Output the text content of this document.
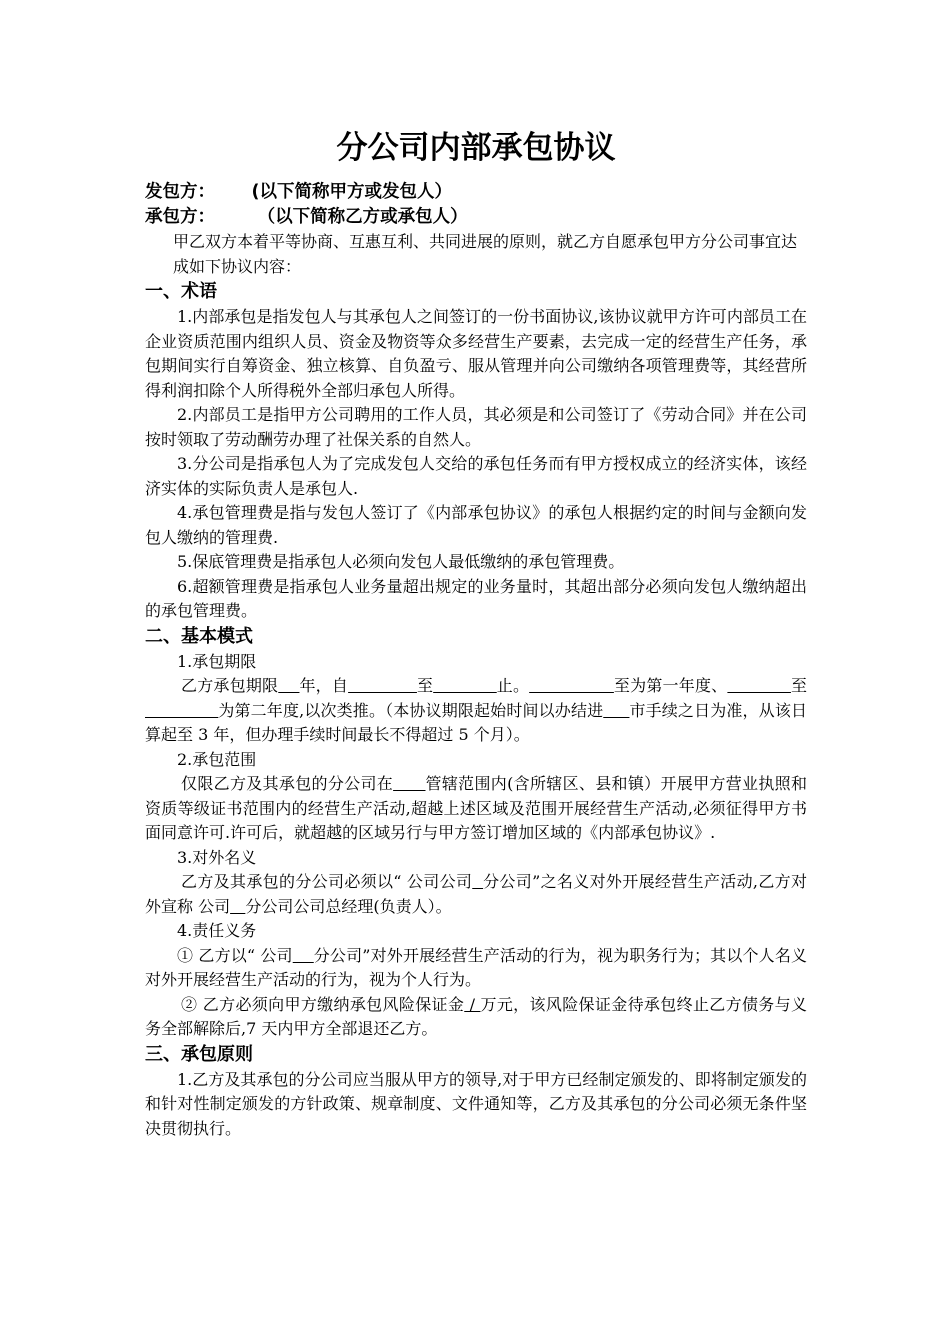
分公司内部承包协议
发包方：      (以下简称甲方或发包人）
承包方：       （以下简称乙方或承包人）
甲乙双方本着平等协商、互惠互利、共同进展的原则，就乙方自愿承包甲方分公司事宜达成如下协议内容：
一、术语
1.内部承包是指发包人与其承包人之间签订的一份书面协议,该协议就甲方许可内部员工在企业资质范围内组织人员、资金及物资等众多经营生产要素，去完成一定的经营生产任务，承包期间实行自筹资金、独立核算、自负盈亏、服从管理并向公司缴纳各项管理费等，其经营所得利润扣除个人所得税外全部归承包人所得。
2.内部员工是指甲方公司聘用的工作人员，其必须是和公司签订了《劳动合同》并在公司按时领取了劳动酬劳办理了社保关系的自然人。
3.分公司是指承包人为了完成发包人交给的承包任务而有甲方授权成立的经济实体，该经济实体的实际负责人是承包人.
4.承包管理费是指与发包人签订了《内部承包协议》的承包人根据约定的时间与金额向发包人缴纳的管理费.
5.保底管理费是指承包人必须向发包人最低缴纳的承包管理费。
6.超额管理费是指承包人业务量超出规定的业务量时，其超出部分必须向发包人缴纳超出的承包管理费。
二、基本模式
1.承包期限
乙方承包期限 年，自	至	止。	至为第一年度、	至              为第二年度,以次类推。（本协议期限起始时间以办结进 市手续之日为准，从该日算起至 3 年，但办理手续时间最长不得超过 5 个月）。
2.承包范围
仅限乙方及其承包的分公司在 管辖范围内(含所辖区、县和镇）开展甲方营业执照和资质等级证书范围内的经营生产活动,超越上述区域及范围开展经营生产活动,必须征得甲方书面同意许可.许可后，就超越的区域另行与甲方签订增加区域的《内部承包协议》.
3.对外名义
乙方及其承包的分公司必须以“ 公司公司 分公司”之名义对外开展经营生产活动,乙方对外宣称 公司 分公司公司总经理(负责人）。
4.责任义务
① 乙方以“ 公司 分公司”对外开展经营生产活动的行为，视为职务行为；其以个人名义对外开展经营生产活动的行为，视为个人行为。
② 乙方必须向甲方缴纳承包风险保证金 / 万元，该风险保证金待承包终止乙方债务与义务全部解除后,7 天内甲方全部退还乙方。
三、承包原则
1.乙方及其承包的分公司应当服从甲方的领导,对于甲方已经制定颁发的、即将制定颁发的和针对性制定颁发的方针政策、规章制度、文件通知等，乙方及其承包的分公司必须无条件坚决贯彻执行。
